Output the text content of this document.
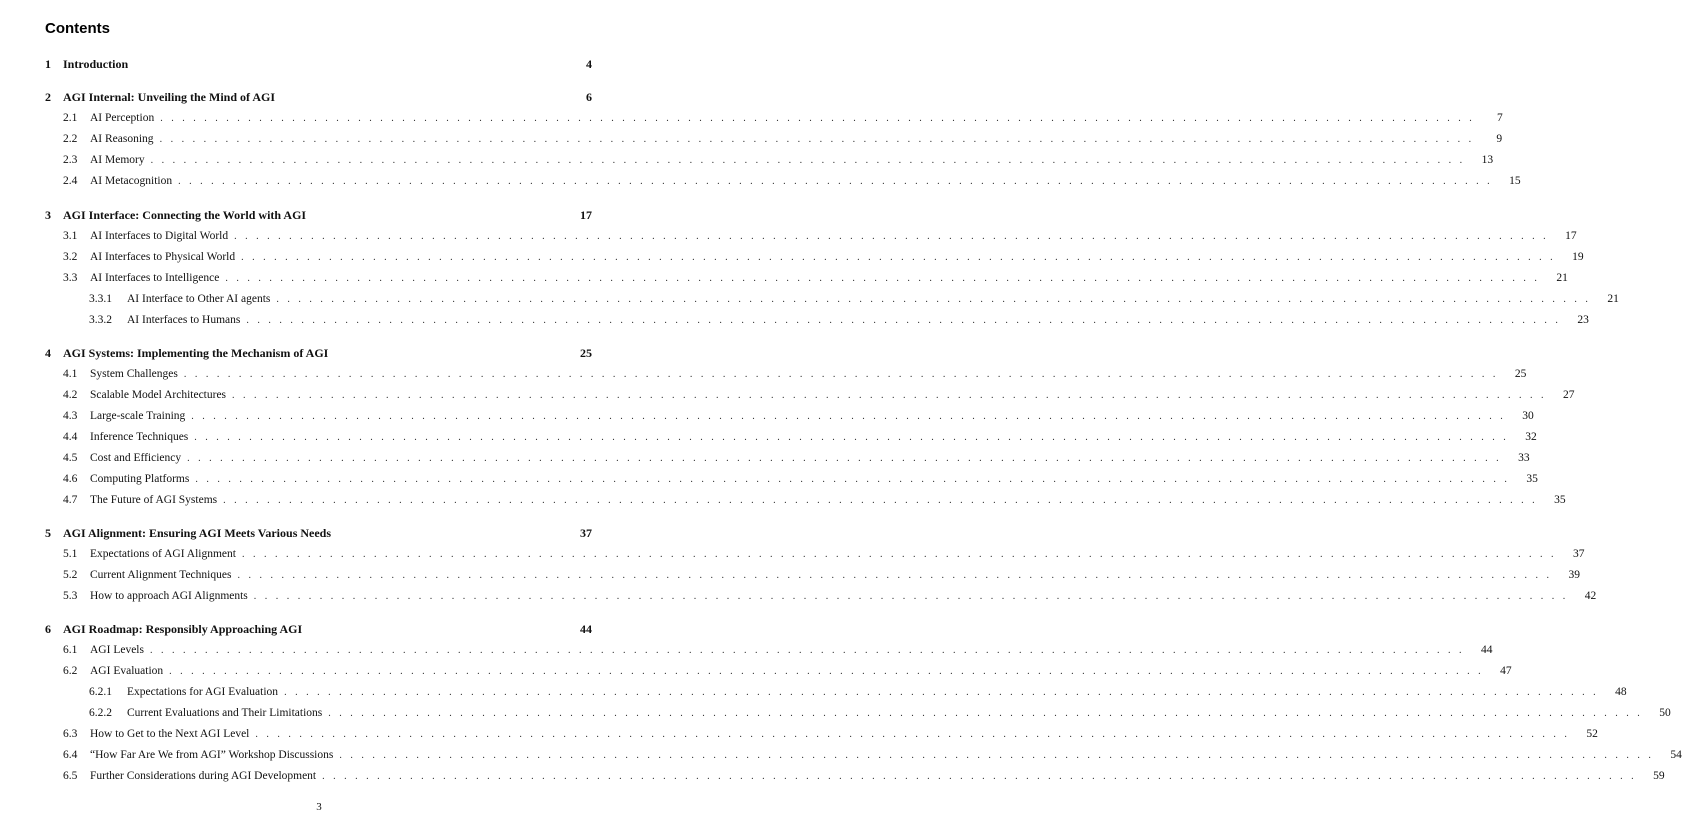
Contents
1	Introduction	4
2	AGI Internal: Unveiling the Mind of AGI	6
2.1	AI Perception . . . . . . . . . . . . . . . . . . . . . . . . . . . . . . . . . . . . . . . . . . . . . . . . . . . . . . . . . . . . . . . . . . . . . . . . . . . . . . . . . . . . . . . . . . . . . . . . . . . . . . . . . . . . . . . . . . . . . . . .	7
2.2	AI Reasoning . . . . . . . . . . . . . . . . . . . . . . . . . . . . . . . . . . . . . . . . . . . . . . . . . . . . . . . . . . . . . . . . . . . . . . . . . . . . . . . . . . . . . . . . . . . . . . . . . . . . . . . . . . . . . . . . . . . . . . . .	9
2.3	AI Memory . . . . . . . . . . . . . . . . . . . . . . . . . . . . . . . . . . . . . . . . . . . . . . . . . . . . . . . . . . . . . . . . . . . . . . . . . . . . . . . . . . . . . . . . . . . . . . . . . . . . . . . . . . . . . . . . . . . . . . . .	13
2.4	AI Metacognition . . . . . . . . . . . . . . . . . . . . . . . . . . . . . . . . . . . . . . . . . . . . . . . . . . . . . . . . . . . . . . . . . . . . . . . . . . . . . . . . . . . . . . . . . . . . . . . . . . . . . . . . . . . . . . . . . . . . . . . .	15
3	AGI Interface: Connecting the World with AGI	17
3.1	AI Interfaces to Digital World . . . . . . . . . . . . . . . . . . . . . . . . . . . . . . . . . . . . . . . . . . . . . . . . . . . . . . . . . . . . . . . . . . . . . . . . . . . . . . . . . . . . . . . . . . . . . . . . . . . . . . . . . . . . . . . . . . . . . . . .	17
3.2	AI Interfaces to Physical World . . . . . . . . . . . . . . . . . . . . . . . . . . . . . . . . . . . . . . . . . . . . . . . . . . . . . . . . . . . . . . . . . . . . . . . . . . . . . . . . . . . . . . . . . . . . . . . . . . . . . . . . . . . . . . . . . . . . . . . .	19
3.3	AI Interfaces to Intelligence . . . . . . . . . . . . . . . . . . . . . . . . . . . . . . . . . . . . . . . . . . . . . . . . . . . . . . . . . . . . . . . . . . . . . . . . . . . . . . . . . . . . . . . . . . . . . . . . . . . . . . . . . . . . . . . . . . . . . . . .	21
3.3.1	AI Interface to Other AI agents . . . . . . . . . . . . . . . . . . . . . . . . . . . . . . . . . . . . . . . . . . . . . . . . . . . . . . . . . . . . . . . . . . . . . . . . . . . . . . . . . . . . . . . . . . . . . . . . . . . . . . . . . . . . . . . . . . . . . . . .	21
3.3.2	AI Interfaces to Humans . . . . . . . . . . . . . . . . . . . . . . . . . . . . . . . . . . . . . . . . . . . . . . . . . . . . . . . . . . . . . . . . . . . . . . . . . . . . . . . . . . . . . . . . . . . . . . . . . . . . . . . . . . . . . . . . . . . . . . . .	23
4	AGI Systems: Implementing the Mechanism of AGI	25
4.1	System Challenges . . . . . . . . . . . . . . . . . . . . . . . . . . . . . . . . . . . . . . . . . . . . . . . . . . . . . . . . . . . . . . . . . . . . . . . . . . . . . . . . . . . . . . . . . . . . . . . . . . . . . . . . . . . . . . . . . . . . . . . .	25
4.2	Scalable Model Architectures . . . . . . . . . . . . . . . . . . . . . . . . . . . . . . . . . . . . . . . . . . . . . . . . . . . . . . . . . . . . . . . . . . . . . . . . . . . . . . . . . . . . . . . . . . . . . . . . . . . . . . . . . . . . . . . . . . . . . . . .	27
4.3	Large-scale Training . . . . . . . . . . . . . . . . . . . . . . . . . . . . . . . . . . . . . . . . . . . . . . . . . . . . . . . . . . . . . . . . . . . . . . . . . . . . . . . . . . . . . . . . . . . . . . . . . . . . . . . . . . . . . . . . . . . . . . . .	30
4.4	Inference Techniques . . . . . . . . . . . . . . . . . . . . . . . . . . . . . . . . . . . . . . . . . . . . . . . . . . . . . . . . . . . . . . . . . . . . . . . . . . . . . . . . . . . . . . . . . . . . . . . . . . . . . . . . . . . . . . . . . . . . . . . .	32
4.5	Cost and Efficiency . . . . . . . . . . . . . . . . . . . . . . . . . . . . . . . . . . . . . . . . . . . . . . . . . . . . . . . . . . . . . . . . . . . . . . . . . . . . . . . . . . . . . . . . . . . . . . . . . . . . . . . . . . . . . . . . . . . . . . . .	33
4.6	Computing Platforms . . . . . . . . . . . . . . . . . . . . . . . . . . . . . . . . . . . . . . . . . . . . . . . . . . . . . . . . . . . . . . . . . . . . . . . . . . . . . . . . . . . . . . . . . . . . . . . . . . . . . . . . . . . . . . . . . . . . . . . .	35
4.7	The Future of AGI Systems . . . . . . . . . . . . . . . . . . . . . . . . . . . . . . . . . . . . . . . . . . . . . . . . . . . . . . . . . . . . . . . . . . . . . . . . . . . . . . . . . . . . . . . . . . . . . . . . . . . . . . . . . . . . . . . . . . . . . . . .	35
5	AGI Alignment: Ensuring AGI Meets Various Needs	37
5.1	Expectations of AGI Alignment . . . . . . . . . . . . . . . . . . . . . . . . . . . . . . . . . . . . . . . . . . . . . . . . . . . . . . . . . . . . . . . . . . . . . . . . . . . . . . . . . . . . . . . . . . . . . . . . . . . . . . . . . . . . . . . . . . . . . . . .	37
5.2	Current Alignment Techniques . . . . . . . . . . . . . . . . . . . . . . . . . . . . . . . . . . . . . . . . . . . . . . . . . . . . . . . . . . . . . . . . . . . . . . . . . . . . . . . . . . . . . . . . . . . . . . . . . . . . . . . . . . . . . . . . . . . . . . . .	39
5.3	How to approach AGI Alignments . . . . . . . . . . . . . . . . . . . . . . . . . . . . . . . . . . . . . . . . . . . . . . . . . . . . . . . . . . . . . . . . . . . . . . . . . . . . . . . . . . . . . . . . . . . . . . . . . . . . . . . . . . . . . . . . . . . . . . . .	42
6	AGI Roadmap: Responsibly Approaching AGI	44
6.1	AGI Levels . . . . . . . . . . . . . . . . . . . . . . . . . . . . . . . . . . . . . . . . . . . . . . . . . . . . . . . . . . . . . . . . . . . . . . . . . . . . . . . . . . . . . . . . . . . . . . . . . . . . . . . . . . . . . . . . . . . . . . . .	44
6.2	AGI Evaluation . . . . . . . . . . . . . . . . . . . . . . . . . . . . . . . . . . . . . . . . . . . . . . . . . . . . . . . . . . . . . . . . . . . . . . . . . . . . . . . . . . . . . . . . . . . . . . . . . . . . . . . . . . . . . . . . . . . . . . . .	47
6.2.1	Expectations for AGI Evaluation . . . . . . . . . . . . . . . . . . . . . . . . . . . . . . . . . . . . . . . . . . . . . . . . . . . . . . . . . . . . . . . . . . . . . . . . . . . . . . . . . . . . . . . . . . . . . . . . . . . . . . . . . . . . . . . . . . . . . . . .	48
6.2.2	Current Evaluations and Their Limitations . . . . . . . . . . . . . . . . . . . . . . . . . . . . . . . . . . . . . . . . . . . . . . . . . . . . . . . . . . . . . . . . . . . . . . . . . . . . . . . . . . . . . . . . . . . . . . . . . . . . . . . . . . . . . . . . . . . . . . . .	50
6.3	How to Get to the Next AGI Level . . . . . . . . . . . . . . . . . . . . . . . . . . . . . . . . . . . . . . . . . . . . . . . . . . . . . . . . . . . . . . . . . . . . . . . . . . . . . . . . . . . . . . . . . . . . . . . . . . . . . . . . . . . . . . . . . . . . . . . .	52
6.4	“How Far Are We from AGI” Workshop Discussions . . . . . . . . . . . . . . . . . . . . . . . . . . . . . . . . . . . . . . . . . . . . . . . . . . . . . . . . . . . . . . . . . . . . . . . . . . . . . . . . . . . . . . . . . . . . . . . . . . . . . . . . . . . . . . . . . . . . . . . .	54
6.5	Further Considerations during AGI Development . . . . . . . . . . . . . . . . . . . . . . . . . . . . . . . . . . . . . . . . . . . . . . . . . . . . . . . . . . . . . . . . . . . . . . . . . . . . . . . . . . . . . . . . . . . . . . . . . . . . . . . . . . . . . . . . . . . . . . . .	59
3
